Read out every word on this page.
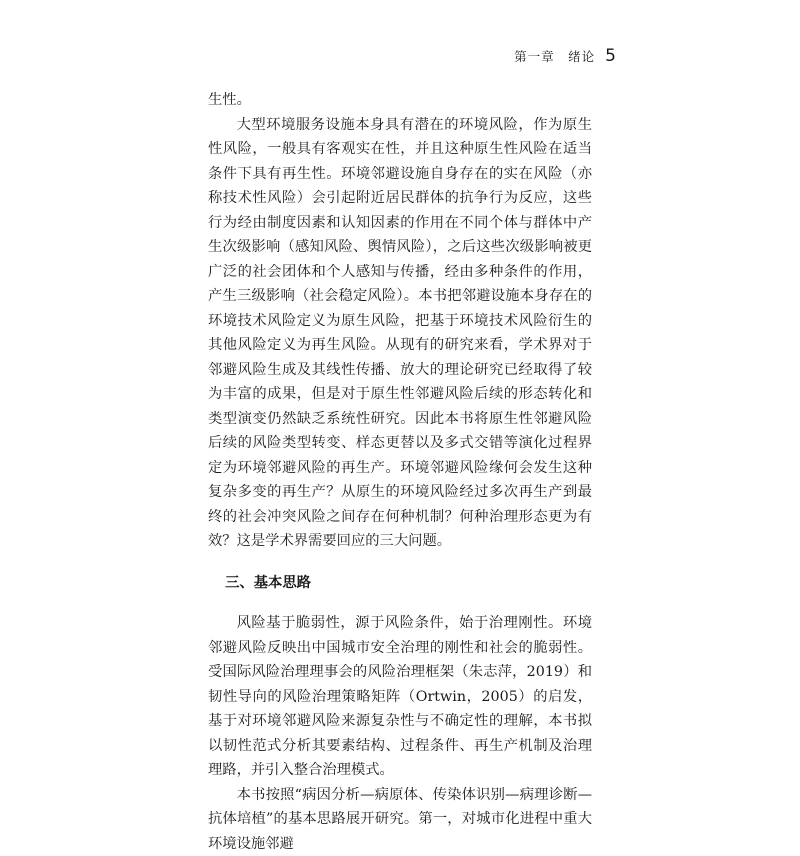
第一章　绪论 5

生性。

大型环境服务设施本身具有潜在的环境风险，作为原生性风险，一般具有客观实在性，并且这种原生性风险在适当条件下具有再生性。环境邻避设施自身存在的实在风险（亦称技术性风险）会引起附近居民群体的抗争行为反应，这些行为经由制度因素和认知因素的作用在不同个体与群体中产生次级影响（感知风险、舆情风险），之后这些次级影响被更广泛的社会团体和个人感知与传播，经由多种条件的作用，产生三级影响（社会稳定风险）。本书把邻避设施本身存在的环境技术风险定义为原生风险，把基于环境技术风险衍生的其他风险定义为再生风险。从现有的研究来看，学术界对于邻避风险生成及其线性传播、放大的理论研究已经取得了较为丰富的成果，但是对于原生性邻避风险后续的形态转化和类型演变仍然缺乏系统性研究。因此本书将原生性邻避风险后续的风险类型转变、样态更替以及多式交错等演化过程界定为环境邻避风险的再生产。环境邻避风险缘何会发生这种复杂多变的再生产？从原生的环境风险经过多次再生产到最终的社会冲突风险之间存在何种机制？何种治理形态更为有效？这是学术界需要回应的三大问题。

三、基本思路

风险基于脆弱性，源于风险条件，始于治理刚性。环境邻避风险反映出中国城市安全治理的刚性和社会的脆弱性。受国际风险治理理事会的风险治理框架（朱志萍，2019）和韧性导向的风险治理策略矩阵（Ortwin，2005）的启发，基于对环境邻避风险来源复杂性与不确定性的理解，本书拟以韧性范式分析其要素结构、过程条件、再生产机制及治理理路，并引入整合治理模式。

本书按照“病因分析—病原体、传染体识别—病理诊断—抗体培植”的基本思路展开研究。第一，对城市化进程中重大环境设施邻避
